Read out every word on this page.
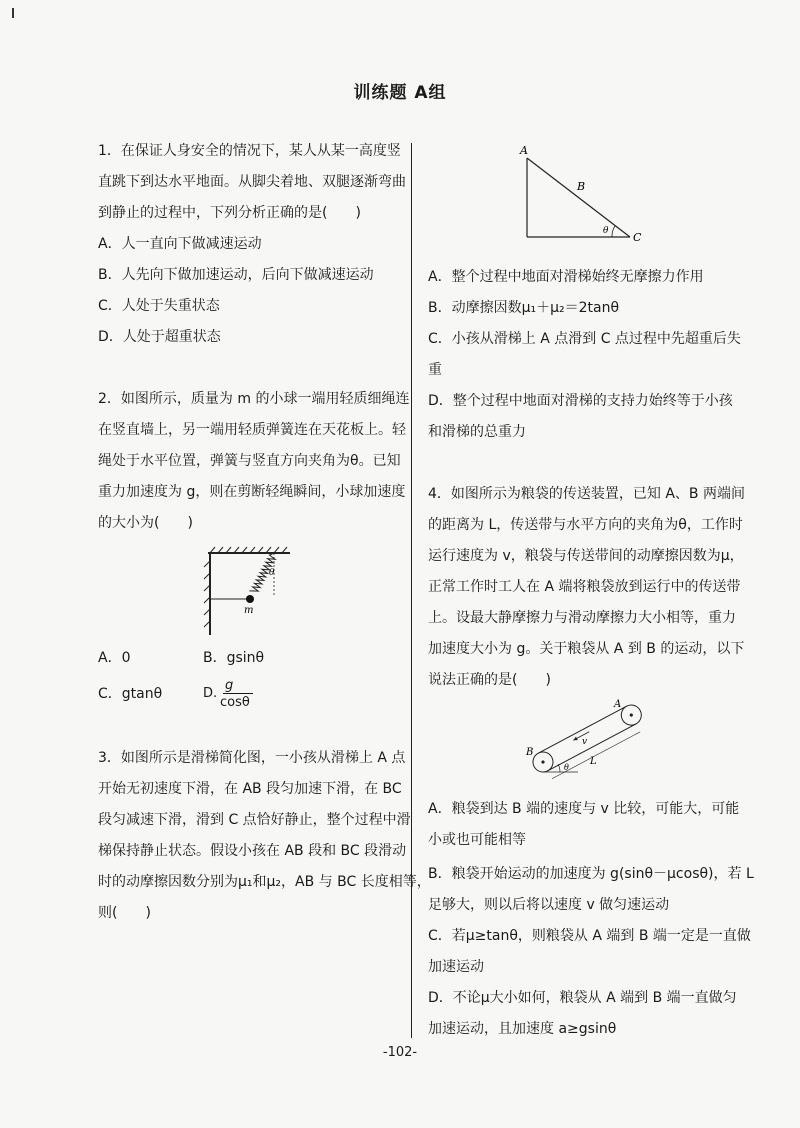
训练题 A组
1．在保证人身安全的情况下，某人从某一高度竖
直跳下到达水平地面。从脚尖着地、双腿逐渐弯曲
到静止的过程中，下列分析正确的是(　　)
A．人一直向下做减速运动
B．人先向下做加速运动，后向下做减速运动
C．人处于失重状态
D．人处于超重状态
2．如图所示，质量为 m 的小球一端用轻质细绳连
在竖直墙上，另一端用轻质弹簧连在天花板上。轻
绳处于水平位置，弹簧与竖直方向夹角为θ。已知
重力加速度为 g，则在剪断轻绳瞬间，小球加速度
的大小为(　　)
m
θ
A．0	B．gsinθ
C．gtanθ	D.
g
cosθ
3．如图所示是滑梯简化图，一小孩从滑梯上 A 点
开始无初速度下滑，在 AB 段匀加速下滑，在 BC
段匀减速下滑，滑到 C 点恰好静止，整个过程中滑
梯保持静止状态。假设小孩在 AB 段和 BC 段滑动
时的动摩擦因数分别为μ₁和μ₂，AB 与 BC 长度相等，
则(　　)
A
B
C
θ
A．整个过程中地面对滑梯始终无摩擦力作用
B．动摩擦因数μ₁＋μ₂＝2tanθ
C．小孩从滑梯上 A 点滑到 C 点过程中先超重后失
重
D．整个过程中地面对滑梯的支持力始终等于小孩
和滑梯的总重力
4．如图所示为粮袋的传送装置，已知 A、B 两端间
的距离为 L，传送带与水平方向的夹角为θ，工作时
运行速度为 v，粮袋与传送带间的动摩擦因数为μ，
正常工作时工人在 A 端将粮袋放到运行中的传送带
上。设最大静摩擦力与滑动摩擦力大小相等，重力
加速度大小为 g。关于粮袋从 A 到 B 的运动，以下
说法正确的是(　　)
A
B
v
L
θ
A．粮袋到达 B 端的速度与 v 比较，可能大，可能
小或也可能相等
B．粮袋开始运动的加速度为 g(sinθ－μcosθ)，若 L
足够大，则以后将以速度 v 做匀速运动
C．若μ≥tanθ，则粮袋从 A 端到 B 端一定是一直做
加速运动
D．不论μ大小如何，粮袋从 A 端到 B 端一直做匀
加速运动，且加速度 a≥gsinθ
-102-
